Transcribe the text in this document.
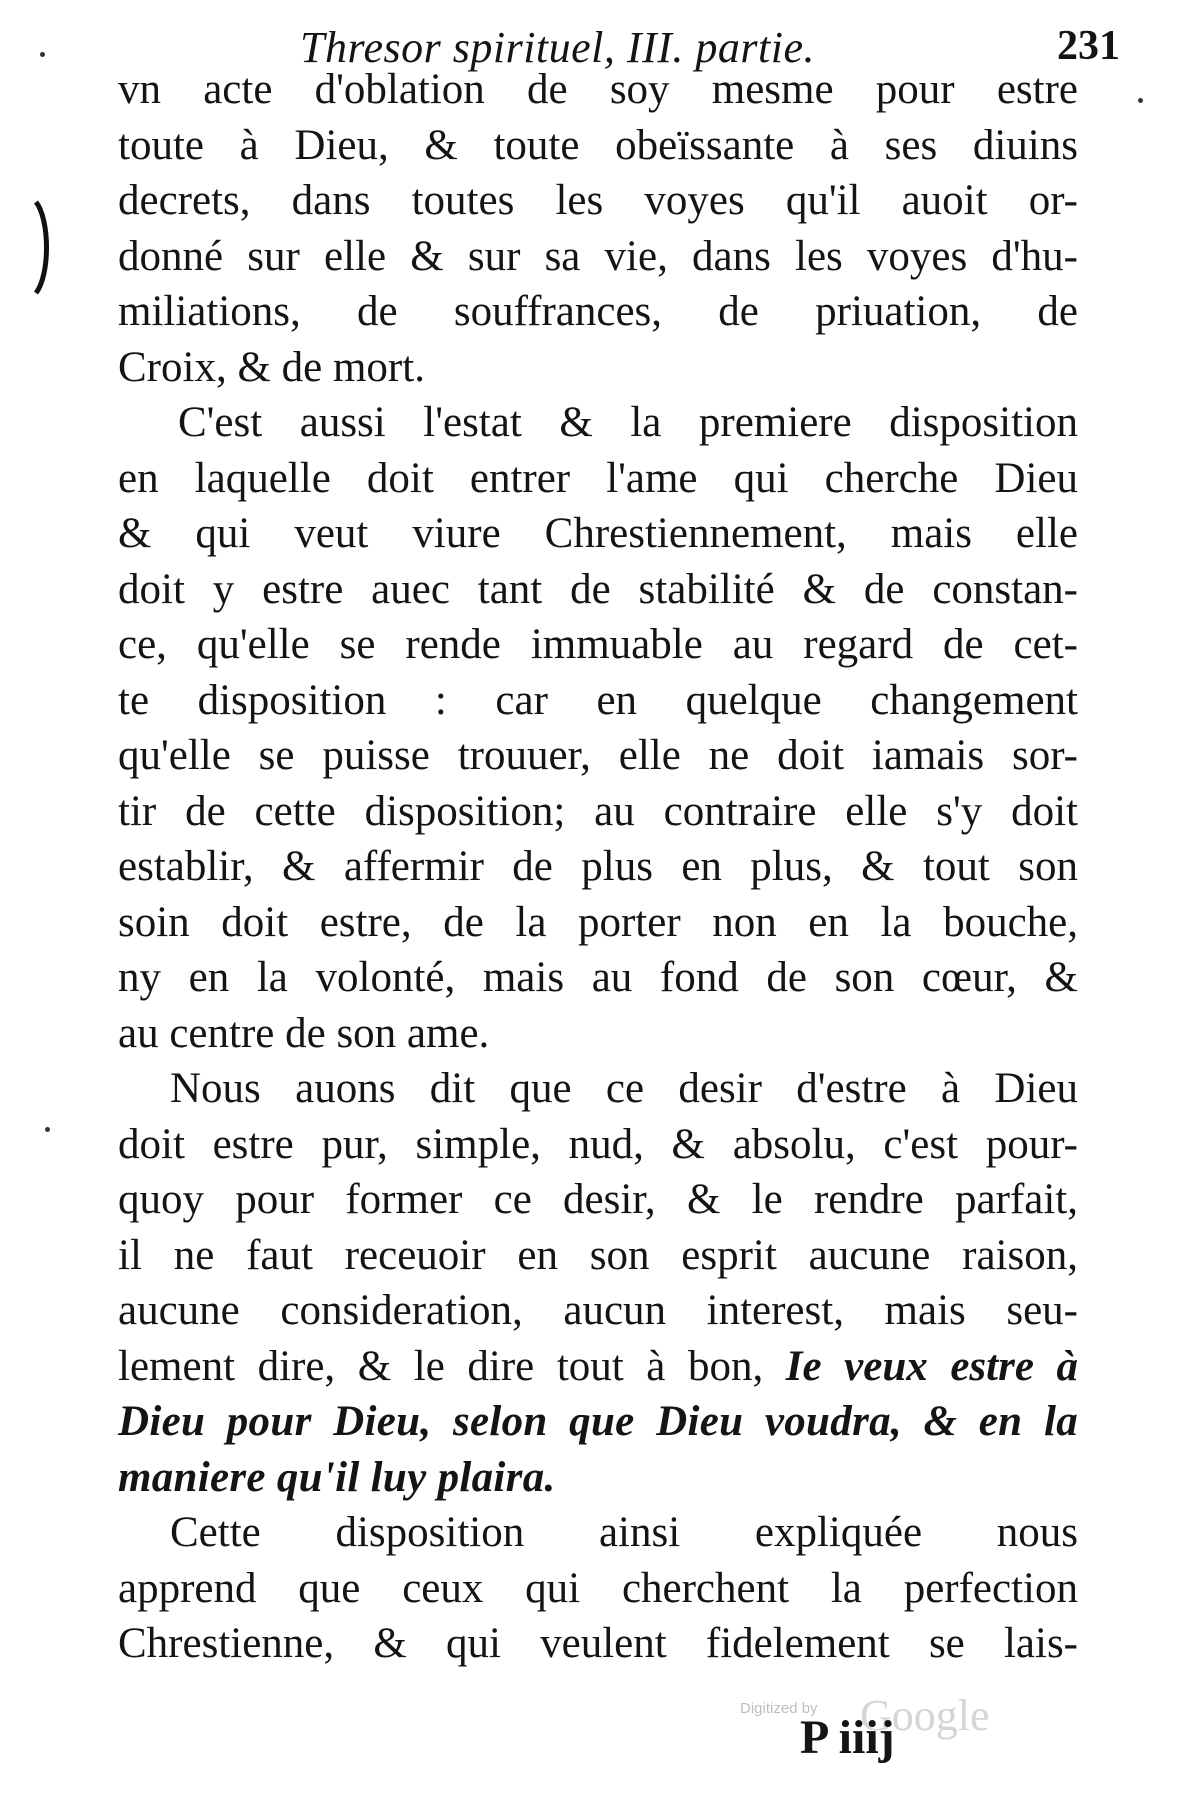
Thresor spirituel, III. partie.	231
vn acte d'oblation de soy mesme pour estre
toute à Dieu, & toute obeïssante à ses diuins
decrets, dans toutes les voyes qu'il auoit or-
donné sur elle & sur sa vie, dans les voyes d'hu-
miliations, de souffrances, de priuation, de
Croix, & de mort.
C'est aussi l'estat & la premiere disposition
en laquelle doit entrer l'ame qui cherche Dieu
& qui veut viure Chrestiennement, mais elle
doit y estre auec tant de stabilité & de constan-
ce, qu'elle se rende immuable au regard de cet-
te disposition : car en quelque changement
qu'elle se puisse trouuer, elle ne doit iamais sor-
tir de cette disposition; au contraire elle s'y doit
establir, & affermir de plus en plus, & tout son
soin doit estre, de la porter non en la bouche,
ny en la volonté, mais au fond de son cœur, &
au centre de son ame.
Nous auons dit que ce desir d'estre à Dieu
doit estre pur, simple, nud, & absolu, c'est pour-
quoy pour former ce desir, & le rendre parfait,
il ne faut receuoir en son esprit aucune raison,
aucune consideration, aucun interest, mais seu-
lement dire, & le dire tout à bon, Ie veux estre à
Dieu pour Dieu, selon que Dieu voudra, & en la
maniere qu'il luy plaira.
Cette disposition ainsi expliquée nous
apprend que ceux qui cherchent la perfection
Chrestienne, & qui veulent fidelement se lais-
Digitized by Google
P iiij
